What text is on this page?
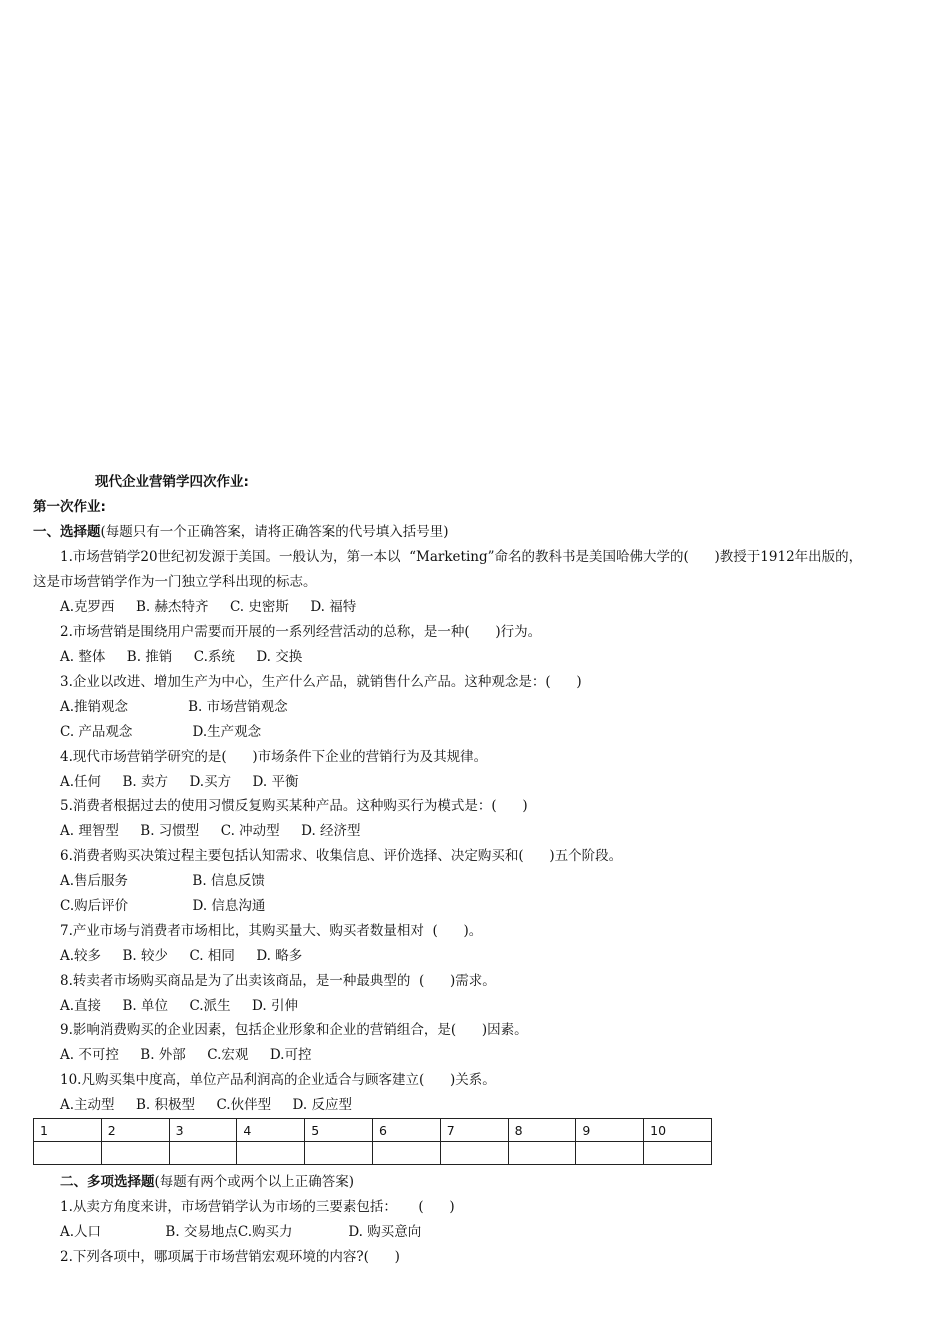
现代企业营销学四次作业:
第一次作业:
一、选择题(每题只有一个正确答案，请将正确答案的代号填入括号里)
1.市场营销学20世纪初发源于美国。一般认为，第一本以  “Marketing”命名的教科书是美国哈佛大学的(      )教授于1912年出版的，
这是市场营销学作为一门独立学科出现的标志。
A.克罗西     B. 赫杰特齐     C. 史密斯     D. 福特
2.市场营销是围绕用户需要而开展的一系列经营活动的总称，是一种(      )行为。
A. 整体     B. 推销     C.系统     D. 交换
3.企业以改进、增加生产为中心，生产什么产品，就销售什么产品。这种观念是：(      )
A.推销观念              B. 市场营销观念
C. 产品观念              D.生产观念
4.现代市场营销学研究的是(      )市场条件下企业的营销行为及其规律。
A.任何     B. 卖方     D.买方     D. 平衡
5.消费者根据过去的使用习惯反复购买某种产品。这种购买行为模式是：(      )
A. 理智型     B. 习惯型     C. 冲动型     D. 经济型
6.消费者购买决策过程主要包括认知需求、收集信息、评价选择、决定购买和(      )五个阶段。
A.售后服务               B. 信息反馈
C.购后评价               D. 信息沟通
7.产业市场与消费者市场相比，其购买量大、购买者数量相对  (      )。
A.较多     B. 较少     C. 相同     D. 略多
8.转卖者市场购买商品是为了出卖该商品，是一种最典型的  (      )需求。
A.直接     B. 单位     C.派生     D. 引伸
9.影响消费购买的企业因素，包括企业形象和企业的营销组合，是(      )因素。
A. 不可控     B. 外部     C.宏观     D.可控
10.凡购买集中度高，单位产品利润高的企业适合与顾客建立(      )关系。
A.主动型     B. 积极型     C.伙伴型     D. 反应型
1	2	3	4	5	6	7	8	9	10

二、多项选择题(每题有两个或两个以上正确答案)
1.从卖方角度来讲，市场营销学认为市场的三要素包括：     (      )
A.人口               B. 交易地点C.购买力             D. 购买意向
2.下列各项中，哪项属于市场营销宏观环境的内容?(      )
